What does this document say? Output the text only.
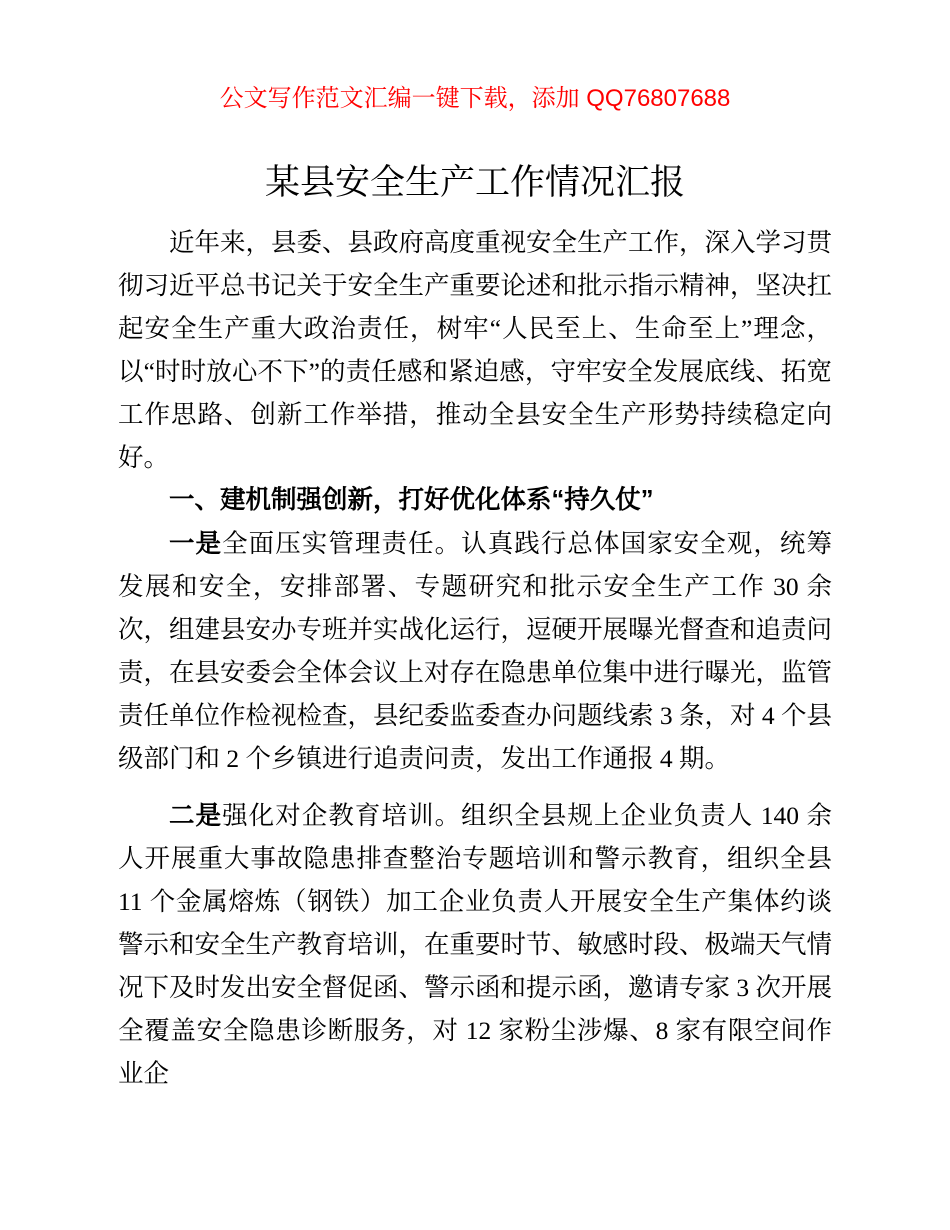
公文写作范文汇编一键下载，添加 QQ76807688
某县安全生产工作情况汇报

近年来，县委、县政府高度重视安全生产工作，深入学习贯彻习近平总书记关于安全生产重要论述和批示指示精神，坚决扛起安全生产重大政治责任，树牢“人民至上、生命至上”理念，以“时时放心不下”的责任感和紧迫感，守牢安全发展底线、拓宽工作思路、创新工作举措，推动全县安全生产形势持续稳定向好。

一、建机制强创新，打好优化体系“持久仗”

一是全面压实管理责任。认真践行总体国家安全观，统筹发展和安全，安排部署、专题研究和批示安全生产工作 30 余次，组建县安办专班并实战化运行，逗硬开展曝光督查和追责问责，在县安委会全体会议上对存在隐患单位集中进行曝光，监管责任单位作检视检查，县纪委监委查办问题线索 3 条，对 4 个县级部门和 2 个乡镇进行追责问责，发出工作通报 4 期。

二是强化对企教育培训。组织全县规上企业负责人 140 余人开展重大事故隐患排查整治专题培训和警示教育，组织全县 11 个金属熔炼（钢铁）加工企业负责人开展安全生产集体约谈警示和安全生产教育培训，在重要时节、敏感时段、极端天气情况下及时发出安全督促函、警示函和提示函，邀请专家 3 次开展全覆盖安全隐患诊断服务，对 12 家粉尘涉爆、8 家有限空间作业企
